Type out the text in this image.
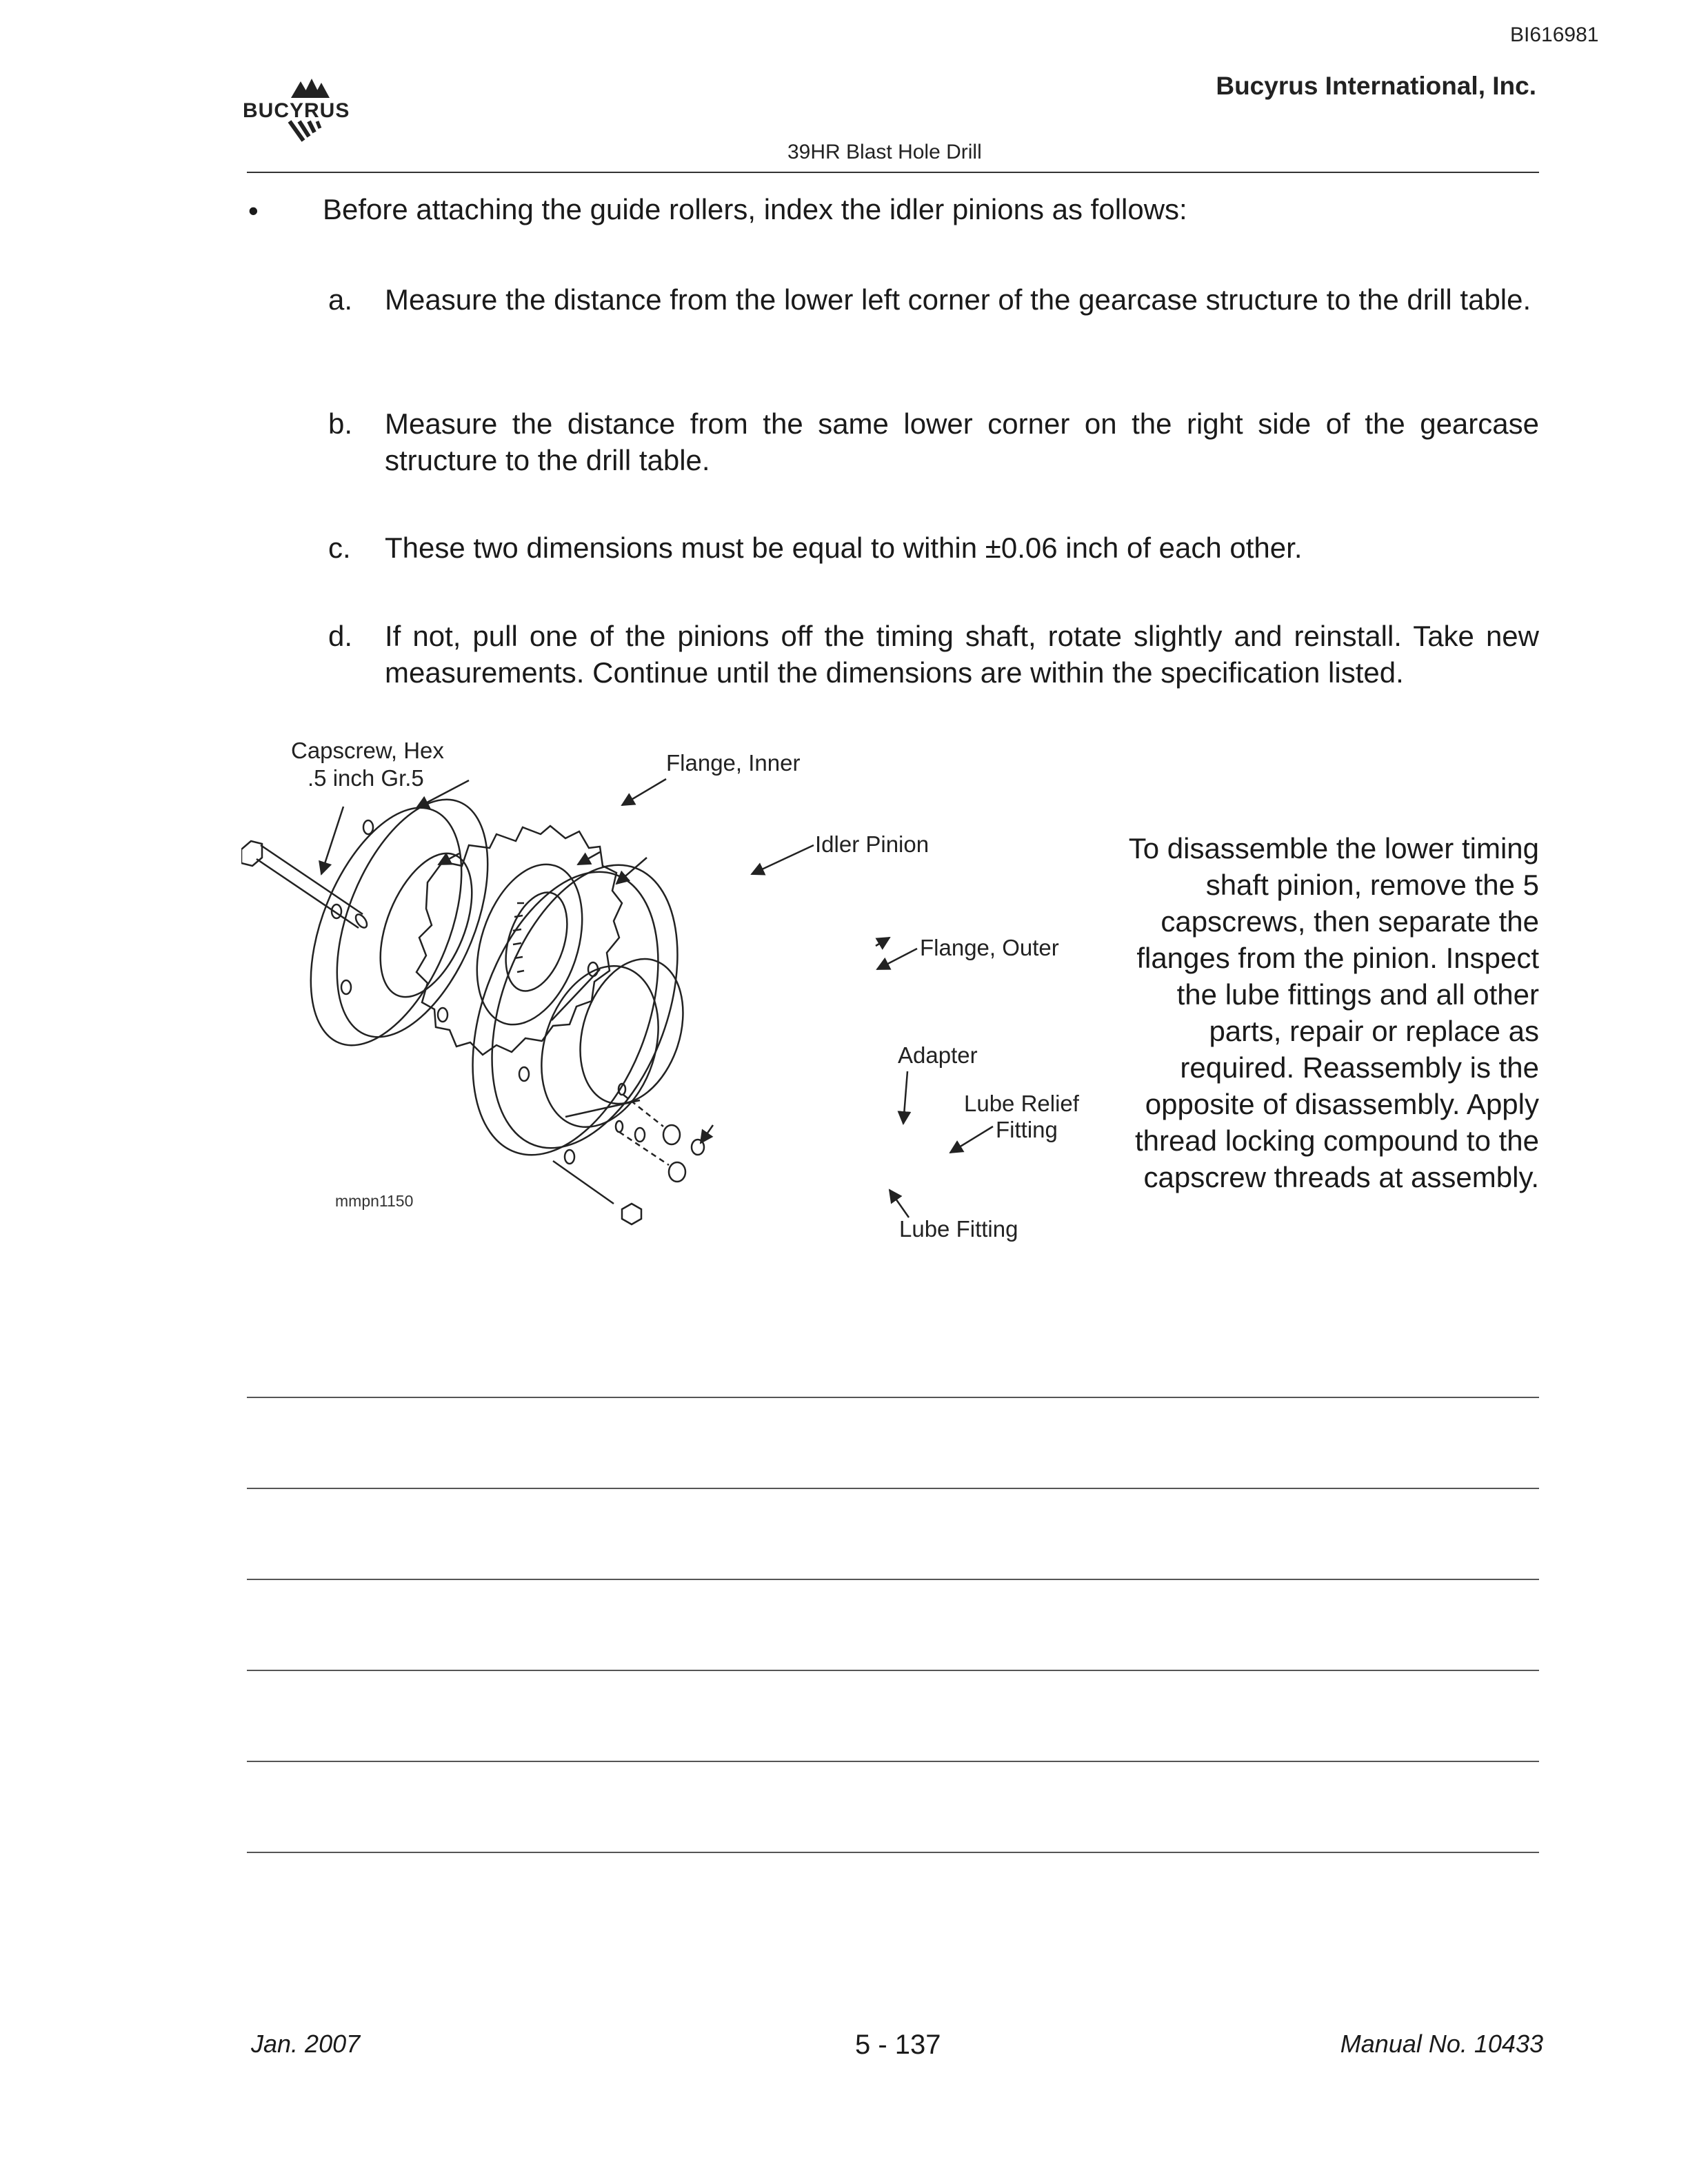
BI616981
BUCYRUS
Bucyrus International, Inc.
39HR Blast Hole Drill
• Before attaching the guide rollers, index the idler pinions as follows:
a. Measure the distance from the lower left corner of the gearcase structure to the drill table.
b. Measure the distance from the same lower corner on the right side of the gearcase structure to the drill table.
c. These two dimensions must be equal to within ±0.06 inch of each other.
d. If not, pull one of the pinions off the timing shaft, rotate slightly and reinstall. Take new measurements. Continue until the dimensions are within the specification listed.
Capscrew, Hex
.5 inch Gr.5
Flange, Inner
Idler Pinion
Flange, Outer
Adapter
Lube Relief
Fitting
Lube Fitting
mmpn1150
To disassemble the lower timing shaft pinion, remove the 5 capscrews, then separate the flanges from the pinion. Inspect the lube fittings and all other parts, repair or replace as required. Reassembly is the opposite of disassembly. Apply thread locking compound to the capscrew threads at assembly.
Jan. 2007	5 - 137	Manual No. 10433
